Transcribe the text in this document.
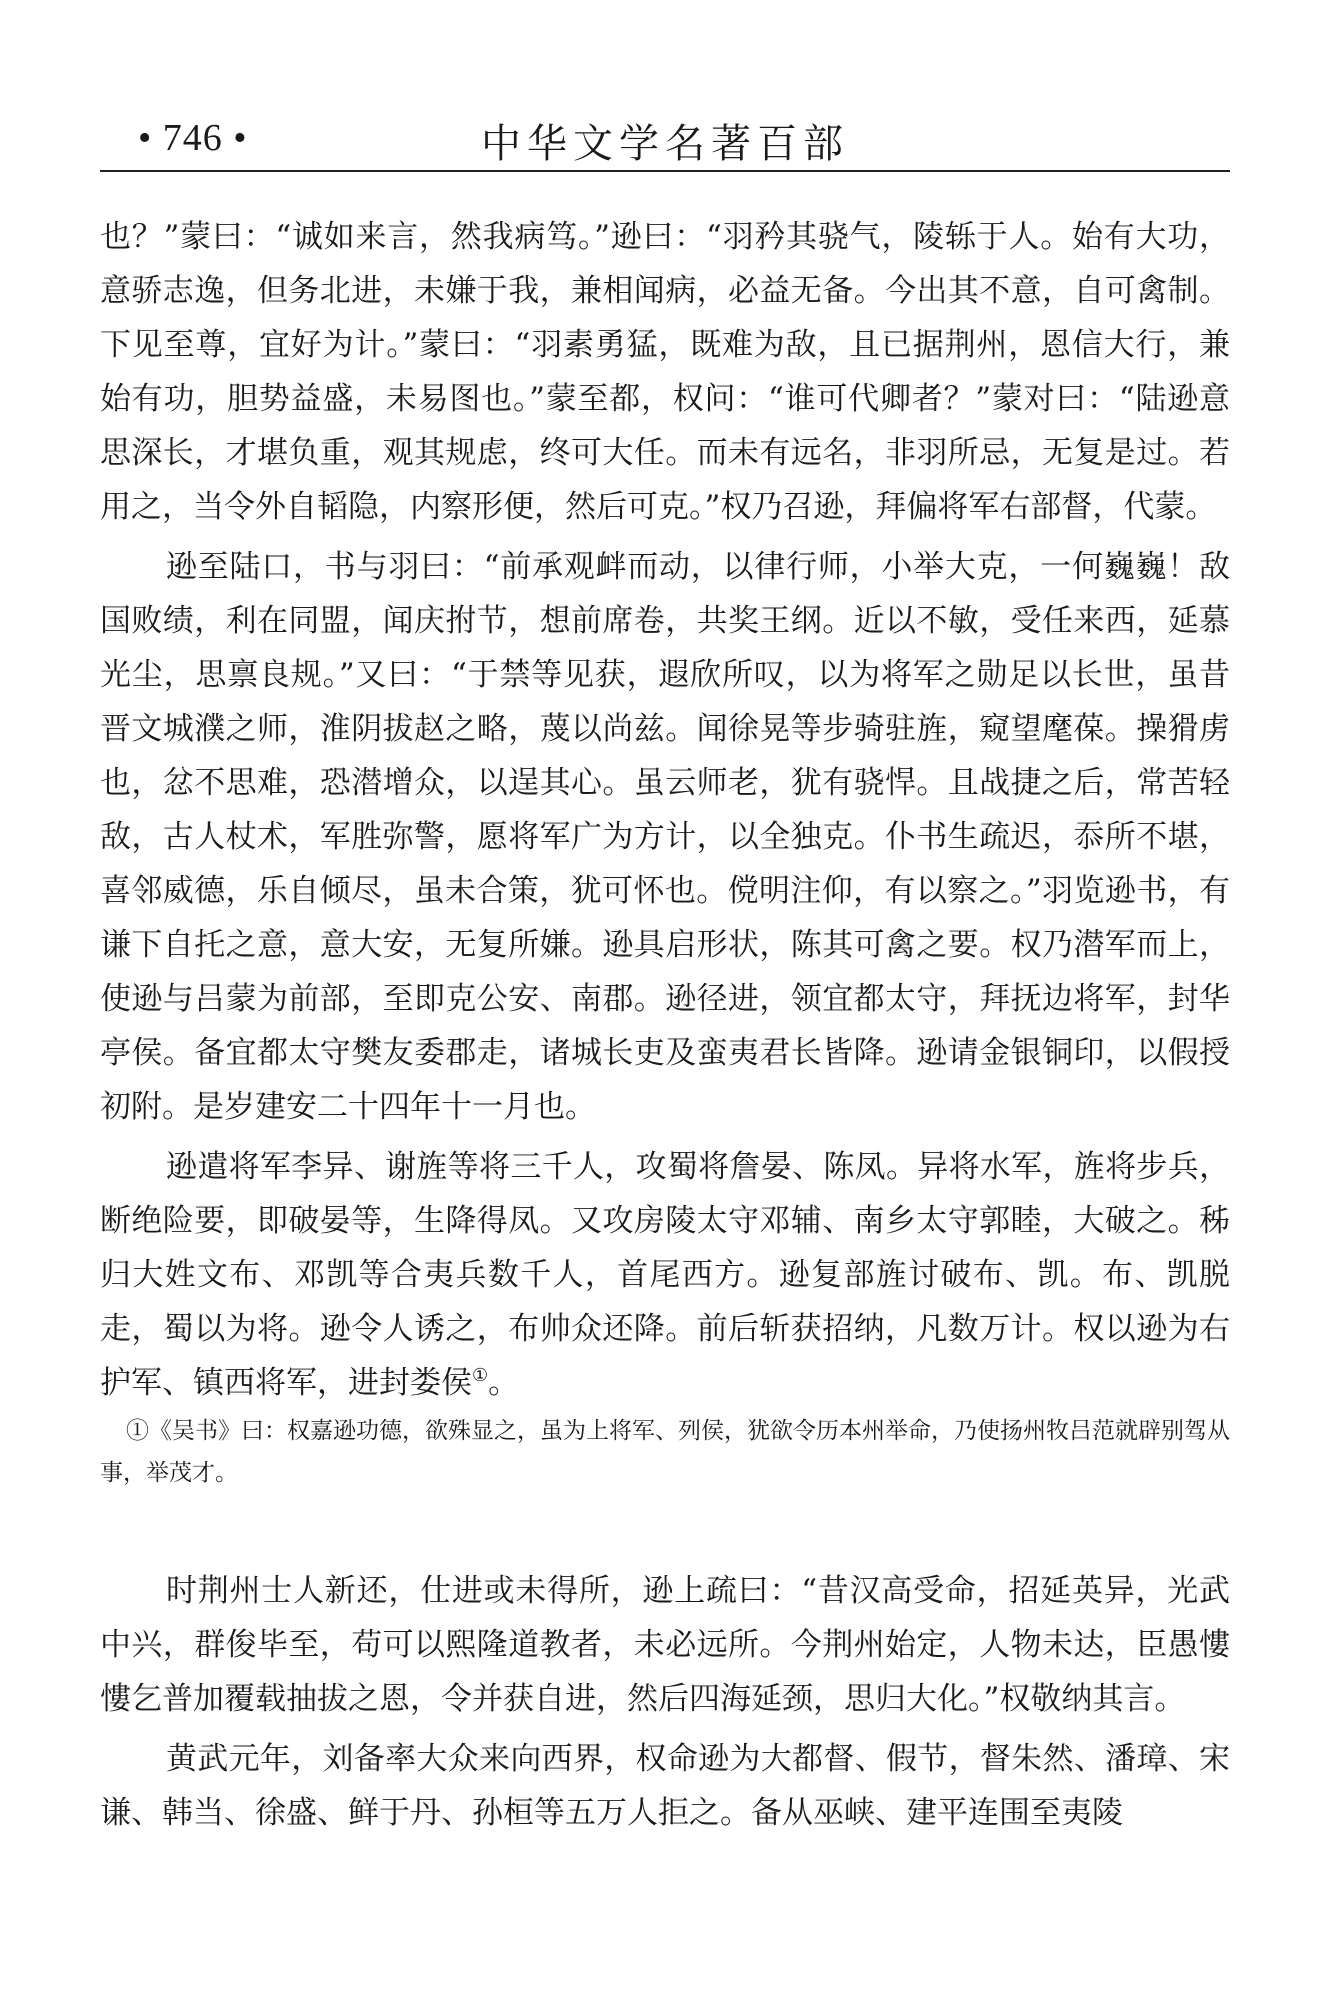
• 746 •	中华文学名著百部

也？”蒙曰：“诚如来言，然我病笃。”逊曰：“羽矜其骁气，陵轹于人。始有大功，意骄志逸，但务北进，未嫌于我，兼相闻病，必益无备。今出其不意，自可禽制。下见至尊，宜好为计。”蒙曰：“羽素勇猛，既难为敌，且已据荆州，恩信大行，兼始有功，胆势益盛，未易图也。”蒙至都，权问：“谁可代卿者？”蒙对曰：“陆逊意思深长，才堪负重，观其规虑，终可大任。而未有远名，非羽所忌，无复是过。若用之，当令外自韬隐，内察形便，然后可克。”权乃召逊，拜偏将军右部督，代蒙。

逊至陆口，书与羽曰：“前承观衅而动，以律行师，小举大克，一何巍巍！敌国败绩，利在同盟，闻庆拊节，想前席卷，共奖王纲。近以不敏，受任来西，延慕光尘，思禀良规。”又曰：“于禁等见获，遐欣所叹，以为将军之勋足以长世，虽昔晋文城濮之师，淮阴拔赵之略，蔑以尚兹。闻徐晃等步骑驻旌，窥望麾葆。操猾虏也，忿不思难，恐潜增众，以逞其心。虽云师老，犹有骁悍。且战捷之后，常苦轻敌，古人杖术，军胜弥警，愿将军广为方计，以全独克。仆书生疏迟，忝所不堪，喜邻威德，乐自倾尽，虽未合策，犹可怀也。傥明注仰，有以察之。”羽览逊书，有谦下自托之意，意大安，无复所嫌。逊具启形状，陈其可禽之要。权乃潜军而上，使逊与吕蒙为前部，至即克公安、南郡。逊径进，领宜都太守，拜抚边将军，封华亭侯。备宜都太守樊友委郡走，诸城长吏及蛮夷君长皆降。逊请金银铜印，以假授初附。是岁建安二十四年十一月也。

逊遣将军李异、谢旌等将三千人，攻蜀将詹晏、陈凤。异将水军，旌将步兵，断绝险要，即破晏等，生降得凤。又攻房陵太守邓辅、南乡太守郭睦，大破之。秭归大姓文布、邓凯等合夷兵数千人，首尾西方。逊复部旌讨破布、凯。布、凯脱走，蜀以为将。逊令人诱之，布帅众还降。前后斩获招纳，凡数万计。权以逊为右护军、镇西将军，进封娄侯①。

①《吴书》曰：权嘉逊功德，欲殊显之，虽为上将军、列侯，犹欲令历本州举命，乃使扬州牧吕范就辟别驾从事，举茂才。

时荆州士人新还，仕进或未得所，逊上疏曰：“昔汉高受命，招延英异，光武中兴，群俊毕至，苟可以熙隆道教者，未必远所。今荆州始定，人物未达，臣愚慺慺乞普加覆载抽拔之恩，令并获自进，然后四海延颈，思归大化。”权敬纳其言。

黄武元年，刘备率大众来向西界，权命逊为大都督、假节，督朱然、潘璋、宋谦、韩当、徐盛、鲜于丹、孙桓等五万人拒之。备从巫峡、建平连围至夷陵
